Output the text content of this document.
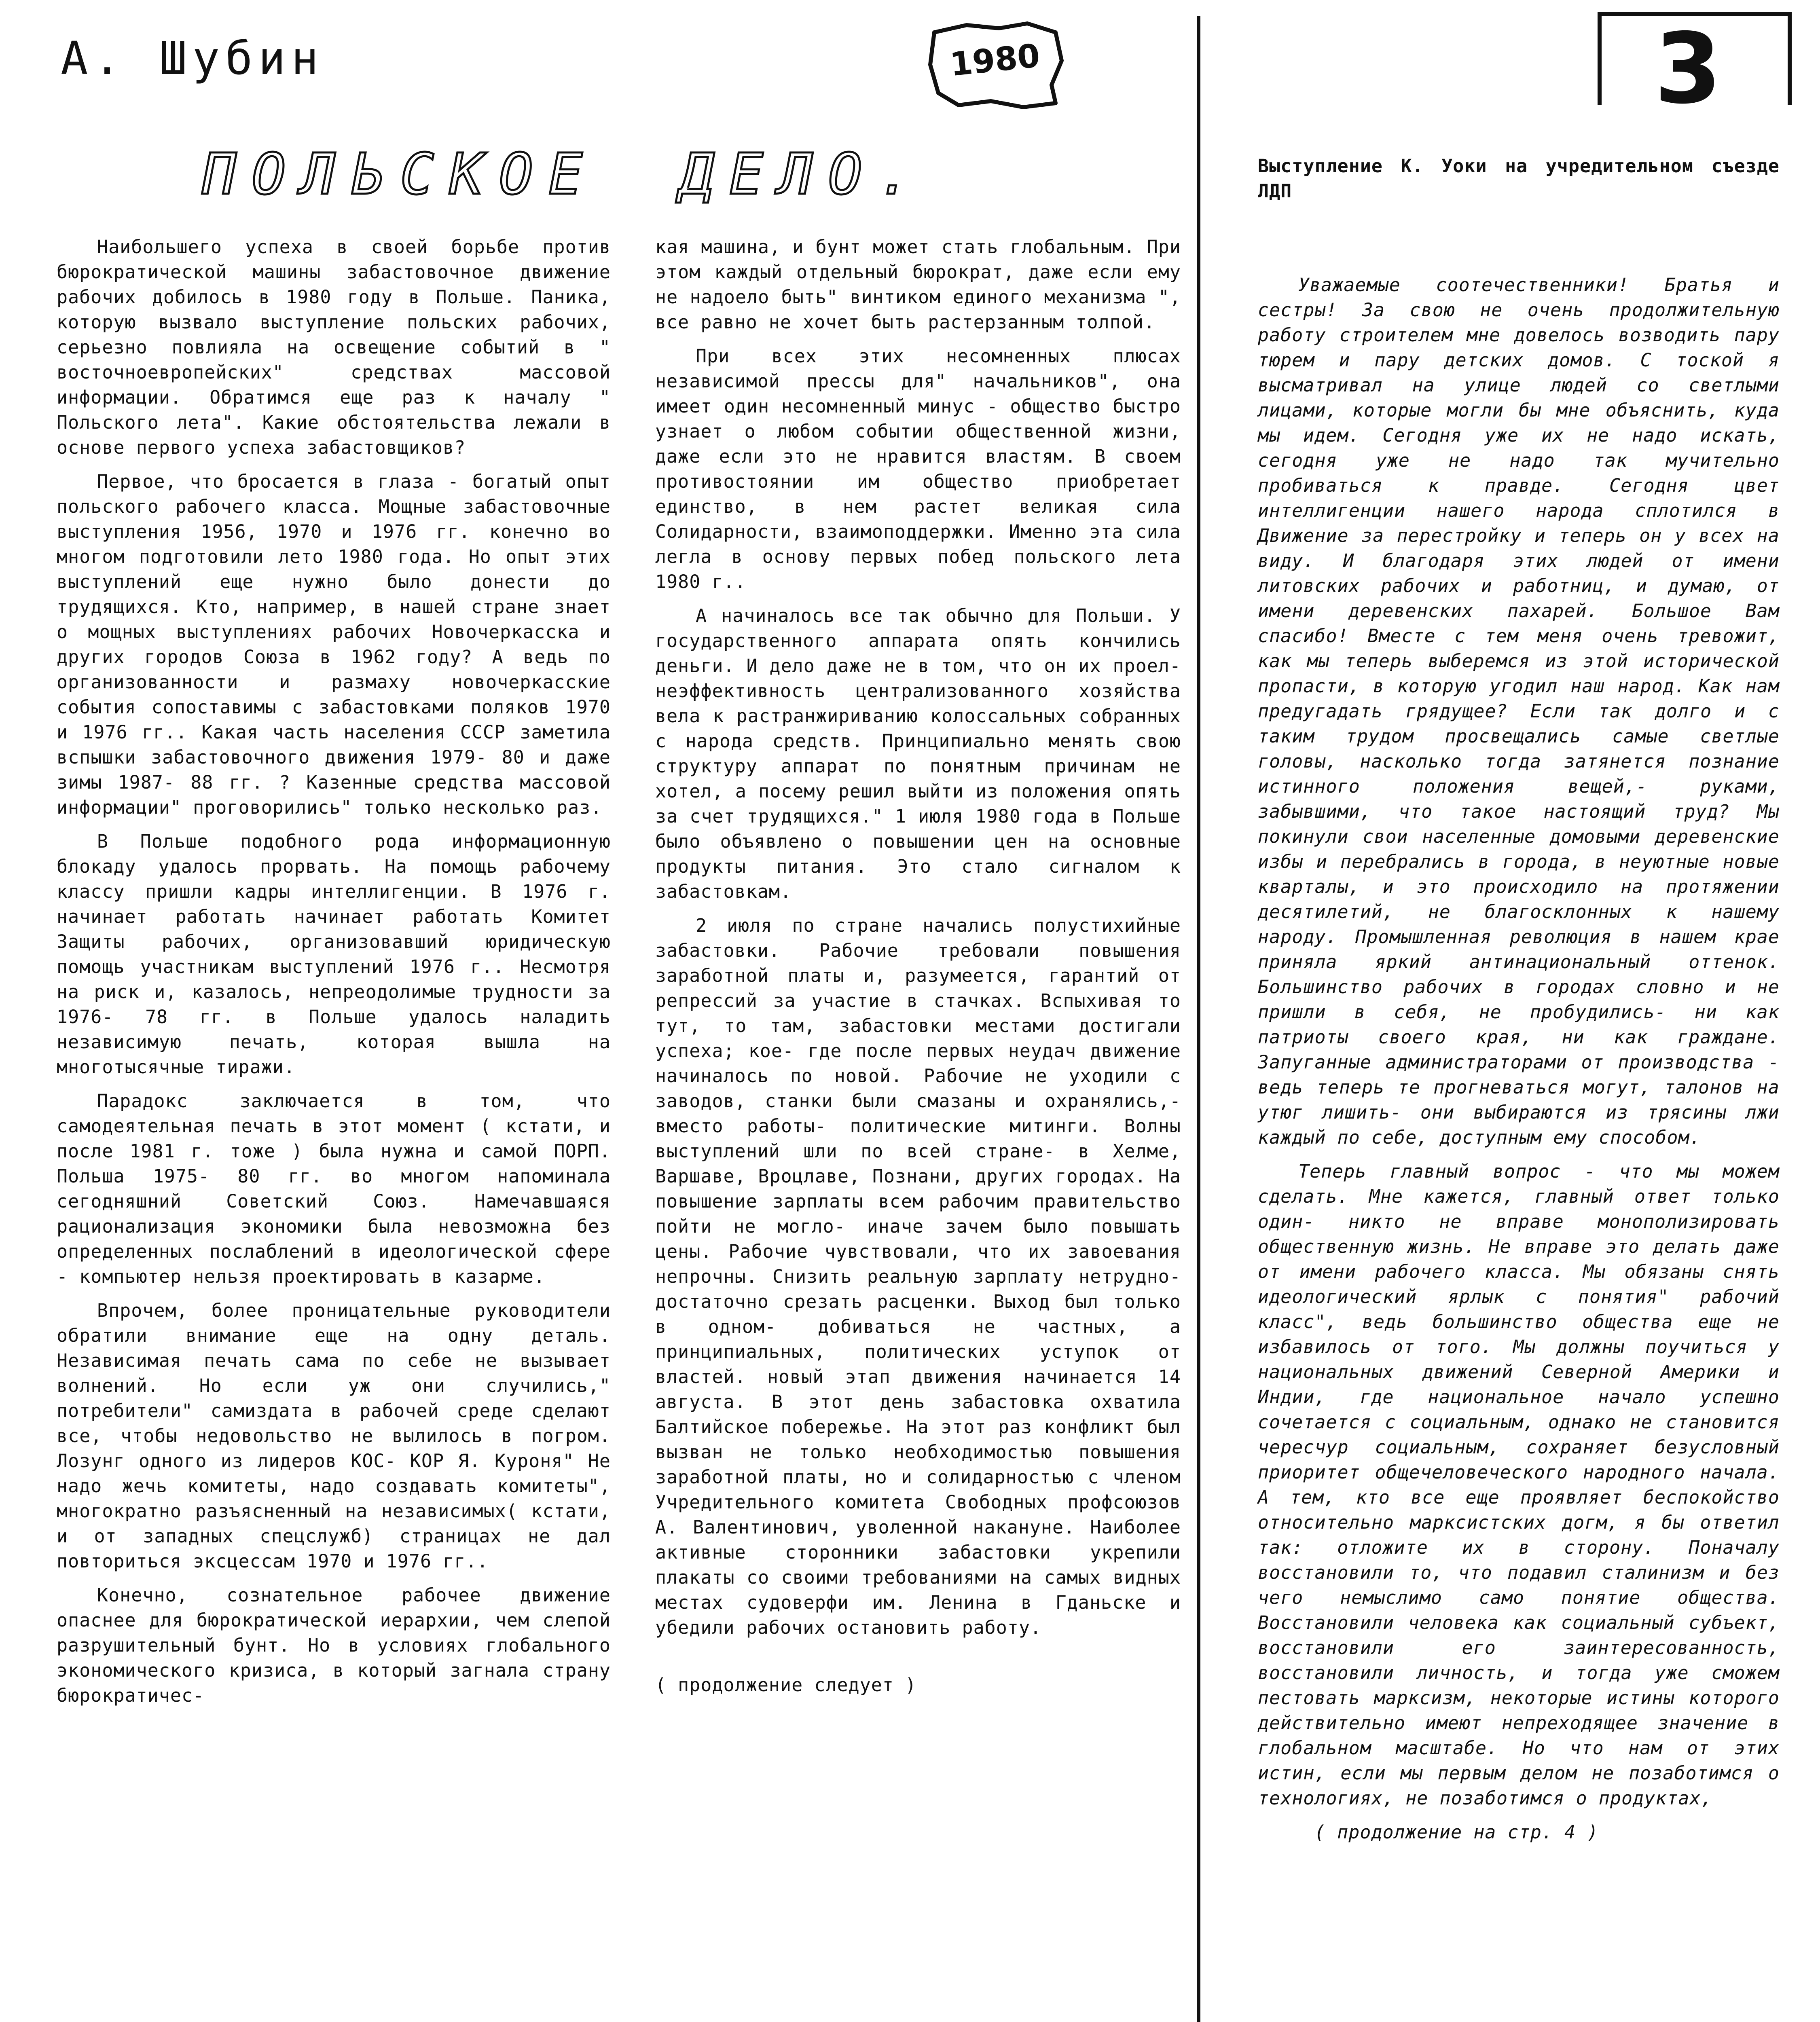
А. Шубин	1980	3
ПОЛЬСКОЕ ДЕЛО.

Наибольшего успеха в своей борьбе против бюрократической машины забастовочное движение рабочих добилось в 1980 году в Польше. Паника, которую вызвало выступление польских рабочих, серьезно повлияла на освещение событий в " восточноевропейских" средствах массовой информации. Обратимся еще раз к началу " Польского лета". Какие обстоятельства лежали в основе первого успеха забастовщиков?

Первое, что бросается в глаза - богатый опыт польского рабочего класса. Мощные забастовочные выступления 1956, 1970 и 1976 гг. конечно во многом подготовили лето 1980 года. Но опыт этих выступлений еще нужно было донести до трудящихся. Кто, например, в нашей стране знает о мощных выступлениях рабочих Новочеркасска и других городов Союза в 1962 году? А ведь по организованности и размаху новочеркасские события сопоставимы с забастовками поляков 1970 и 1976 гг.. Какая часть населения СССР заметила вспышки забастовочного движения 1979- 80 и даже зимы 1987- 88 гг. ? Казенные средства массовой информации" проговорились" только несколько раз.

В Польше подобного рода информационную блокаду удалось прорвать. На помощь рабочему классу пришли кадры интеллигенции. В 1976 г. начинает работать начинает работать Комитет Защиты рабочих, организовавший юридическую помощь участникам выступлений 1976 г.. Несмотря на риск и, казалось, непреодолимые трудности за 1976- 78 гг. в Польше удалось наладить независимую печать, которая вышла на многотысячные тиражи.

Парадокс заключается в том, что самодеятельная печать в этот момент ( кстати, и после 1981 г. тоже ) была нужна и самой ПОРП. Польша 1975- 80 гг. во многом напоминала сегодняшний Советский Союз. Намечавшаяся рационализация экономики была невозможна без определенных послаблений в идеологической сфере - компьютер нельзя проектировать в казарме.

Впрочем, более проницательные руководители обратили внимание еще на одну деталь. Независимая печать сама по себе не вызывает волнений. Но если уж они случились," потребители" самиздата в рабочей среде сделают все, чтобы недовольство не вылилось в погром. Лозунг одного из лидеров КОС- КОР Я. Куроня" Не надо жечь комитеты, надо создавать комитеты", многократно разъясненный на независимых( кстати, и от западных спецслужб) страницах не дал повториться эксцессам 1970 и 1976 гг..

Конечно, сознательное рабочее движение опаснее для бюрократической иерархии, чем слепой разрушительный бунт. Но в условиях глобального экономического кризиса, в который загнала страну бюрократичес-

кая машина, и бунт может стать глобальным. При этом каждый отдельный бюрократ, даже если ему не надоело быть" винтиком единого механизма ", все равно не хочет быть растерзанным толпой.

При всех этих несомненных плюсах независимой прессы для" начальников", она имеет один несомненный минус - общество быстро узнает о любом событии общественной жизни, даже если это не нравится властям. В своем противостоянии им общество приобретает единство, в нем растет великая сила Солидарности, взаимоподдержки. Именно эта сила легла в основу первых побед польского лета 1980 г..

А начиналось все так обычно для Польши. У государственного аппарата опять кончились деньги. И дело даже не в том, что он их проел- неэффективность централизованного хозяйства вела к растранжириванию колоссальных собранных с народа средств. Принципиально менять свою структуру аппарат по понятным причинам не хотел, а посему решил выйти из положения опять за счет трудящихся." 1 июля 1980 года в Польше было объявлено о повышении цен на основные продукты питания. Это стало сигналом к забастовкам.

2 июля по стране начались полустихийные забастовки. Рабочие требовали повышения заработной платы и, разумеется, гарантий от репрессий за участие в стачках. Вспыхивая то тут, то там, забастовки местами достигали успеха; кое- где после первых неудач движение начиналось по новой. Рабочие не уходили с заводов, станки были смазаны и охранялись,- вместо работы- политические митинги. Волны выступлений шли по всей стране- в Хелме, Варшаве, Вроцлаве, Познани, других городах. На повышение зарплаты всем рабочим правительство пойти не могло- иначе зачем было повышать цены. Рабочие чувствовали, что их завоевания непрочны. Снизить реальную зарплату нетрудно- достаточно срезать расценки. Выход был только в одном- добиваться не частных, а принципиальных, политических уступок от властей. новый этап движения начинается 14 августа. В этот день забастовка охватила Балтийское побережье. На этот раз конфликт был вызван не только необходимостью повышения заработной платы, но и солидарностью с членом Учредительного комитета Свободных профсоюзов А. Валентинович, уволенной накануне. Наиболее активные сторонники забастовки укрепили плакаты со своими требованиями на самых видных местах судоверфи им. Ленина в Гданьске и убедили рабочих остановить работу.

( продолжение следует )

Выступление К. Уоки на учредительном съезде ЛДП

Уважаемые соотечественники! Братья и сестры! За свою не очень продолжительную работу строителем мне довелось возводить пару тюрем и пару детских домов. С тоской я высматривал на улице людей со светлыми лицами, которые могли бы мне объяснить, куда мы идем. Сегодня уже их не надо искать, сегодня уже не надо так мучительно пробиваться к правде. Сегодня цвет интеллигенции нашего народа сплотился в Движение за перестройку и теперь он у всех на виду. И благодаря этих людей от имени литовских рабочих и работниц, и думаю, от имени деревенских пахарей. Большое Вам спасибо! Вместе с тем меня очень тревожит, как мы теперь выберемся из этой исторической пропасти, в которую угодил наш народ. Как нам предугадать грядущее? Если так долго и с таким трудом просвещались самые светлые головы, насколько тогда затянется познание истинного положения вещей,- руками, забывшими, что такое настоящий труд? Мы покинули свои населенные домовыми деревенские избы и перебрались в города, в неуютные новые кварталы, и это происходило на протяжении десятилетий, не благосклонных к нашему народу. Промышленная революция в нашем крае приняла яркий антинациональный оттенок. Большинство рабочих в городах словно и не пришли в себя, не пробудились- ни как патриоты своего края, ни как граждане. Запуганные администраторами от производства - ведь теперь те прогневаться могут, талонов на утюг лишить- они выбираются из трясины лжи каждый по себе, доступным ему способом.

Теперь главный вопрос - что мы можем сделать. Мне кажется, главный ответ только один- никто не вправе монополизировать общественную жизнь. Не вправе это делать даже от имени рабочего класса. Мы обязаны снять идеологический ярлык с понятия" рабочий класс", ведь большинство общества еще не избавилось от того. Мы должны поучиться у национальных движений Северной Америки и Индии, где национальное начало успешно сочетается с социальным, однако не становится чересчур социальным, сохраняет безусловный приоритет общечеловеческого народного начала. А тем, кто все еще проявляет беспокойство относительно марксистских догм, я бы ответил так: отложите их в сторону. Поначалу восстановили то, что подавил сталинизм и без чего немыслимо само понятие общества. Восстановили человека как социальный субъект, восстановили его заинтересованность, восстановили личность, и тогда уже сможем пестовать марксизм, некоторые истины которого действительно имеют непреходящее значение в глобальном масштабе. Но что нам от этих истин, если мы первым делом не позаботимся о технологиях, не позаботимся о продуктах,

( продолжение на стр. 4 )
